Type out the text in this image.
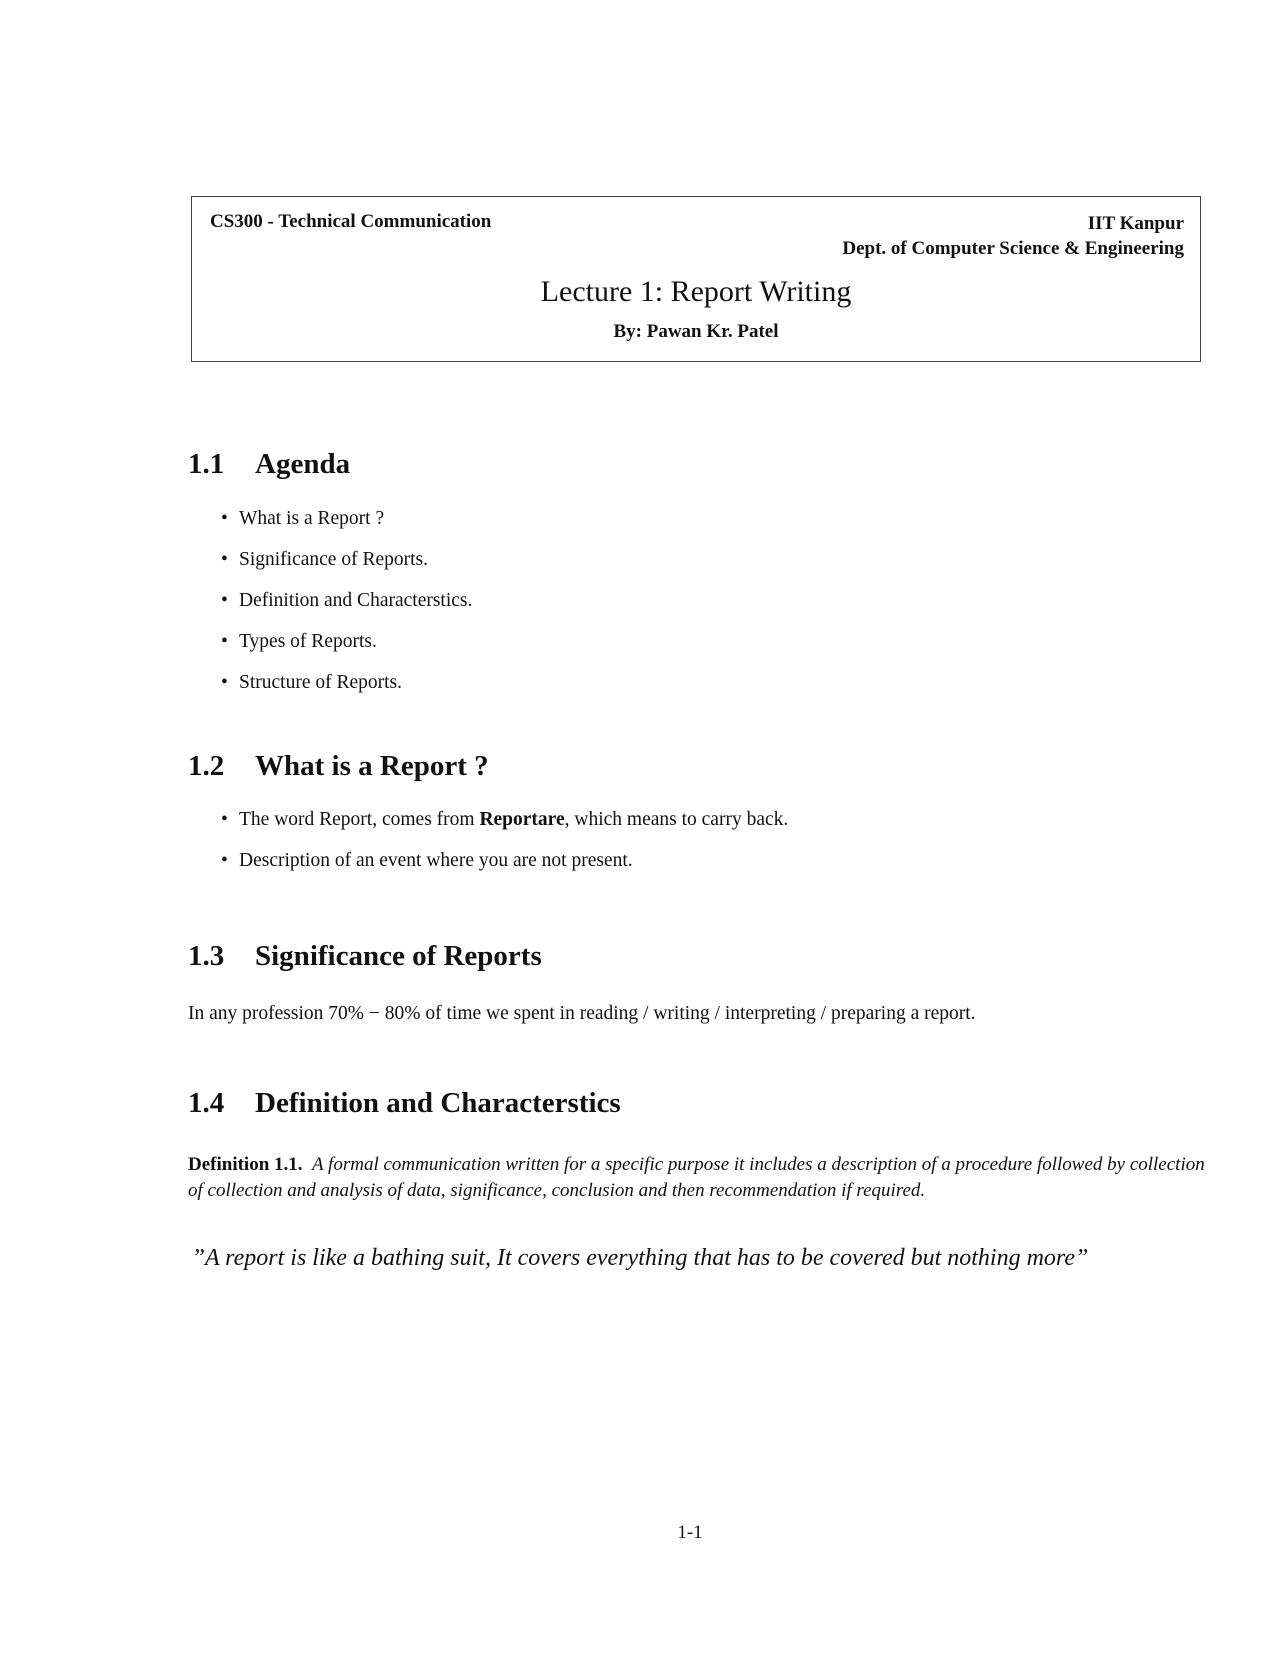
CS300 - Technical Communication	IIT Kanpur
Dept. of Computer Science & Engineering
Lecture 1: Report Writing
By: Pawan Kr. Patel
1.1 Agenda
• What is a Report ?
• Significance of Reports.
• Definition and Characterstics.
• Types of Reports.
• Structure of Reports.
1.2 What is a Report ?
• The word Report, comes from Reportare, which means to carry back.
• Description of an event where you are not present.
1.3 Significance of Reports
In any profession 70% − 80% of time we spent in reading / writing / interpreting / preparing a report.
1.4 Definition and Characterstics
Definition 1.1. A formal communication written for a specific purpose it includes a description of a procedure followed by collection of collection and analysis of data, significance, conclusion and then recommendation if required.
”A report is like a bathing suit, It covers everything that has to be covered but nothing more”
1-1
